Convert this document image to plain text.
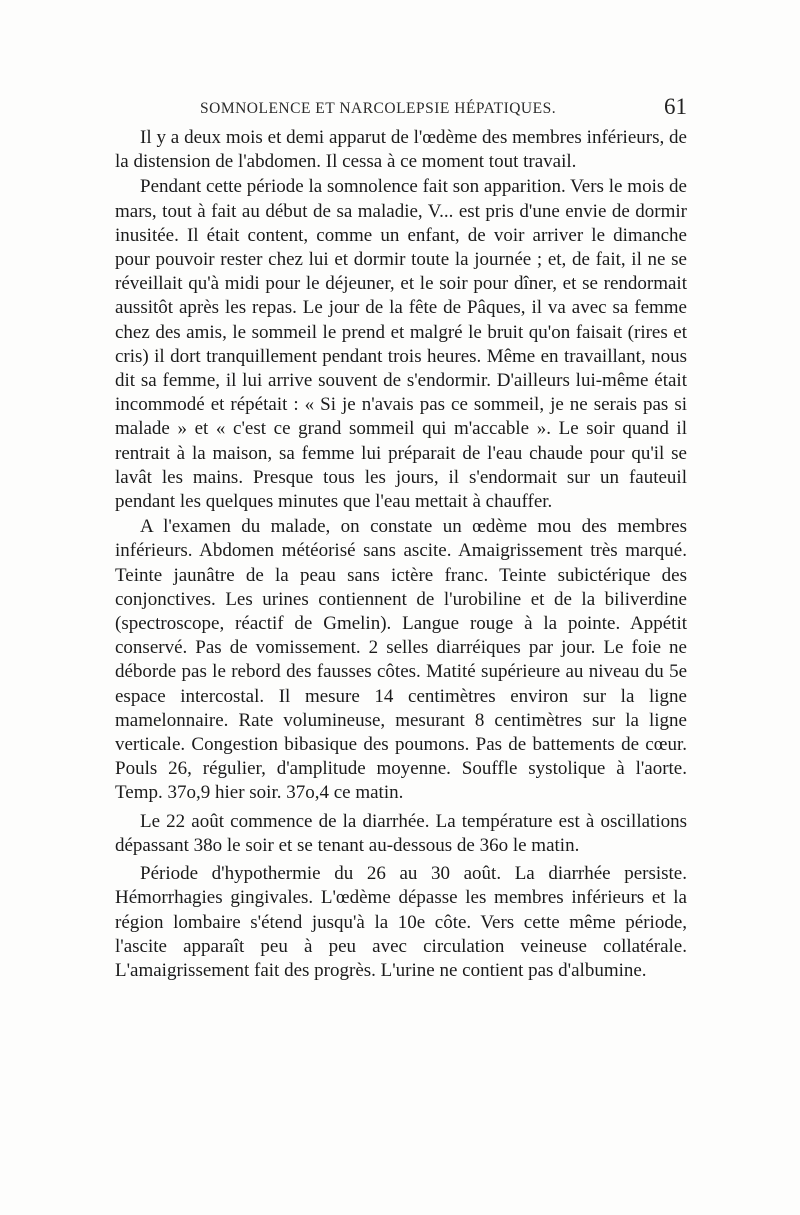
SOMNOLENCE ET NARCOLEPSIE HÉPATIQUES.	61

Il y a deux mois et demi apparut de l'œdème des membres inférieurs, de la distension de l'abdomen. Il cessa à ce moment tout travail.

Pendant cette période la somnolence fait son apparition. Vers le mois de mars, tout à fait au début de sa maladie, V... est pris d'une envie de dormir inusitée. Il était content, comme un enfant, de voir arriver le dimanche pour pouvoir rester chez lui et dormir toute la journée ; et, de fait, il ne se réveillait qu'à midi pour le déjeuner, et le soir pour dîner, et se rendormait aussitôt après les repas. Le jour de la fête de Pâques, il va avec sa femme chez des amis, le sommeil le prend et malgré le bruit qu'on faisait (rires et cris) il dort tranquillement pendant trois heures. Même en travaillant, nous dit sa femme, il lui arrive souvent de s'endormir. D'ailleurs lui-même était incommodé et répétait : « Si je n'avais pas ce sommeil, je ne serais pas si malade » et « c'est ce grand sommeil qui m'accable ». Le soir quand il rentrait à la maison, sa femme lui préparait de l'eau chaude pour qu'il se lavât les mains. Presque tous les jours, il s'endormait sur un fauteuil pendant les quelques minutes que l'eau mettait à chauffer.

A l'examen du malade, on constate un œdème mou des membres inférieurs. Abdomen météorisé sans ascite. Amaigrissement très marqué. Teinte jaunâtre de la peau sans ictère franc. Teinte subictérique des conjonctives. Les urines contiennent de l'urobiline et de la biliverdine (spectroscope, réactif de Gmelin). Langue rouge à la pointe. Appétit conservé. Pas de vomissement. 2 selles diarréiques par jour. Le foie ne déborde pas le rebord des fausses côtes. Matité supérieure au niveau du 5e espace intercostal. Il mesure 14 centimètres environ sur la ligne mamelonnaire. Rate volumineuse, mesurant 8 centimètres sur la ligne verticale. Congestion bibasique des poumons. Pas de battements de cœur. Pouls 26, régulier, d'amplitude moyenne. Souffle systolique à l'aorte. Temp. 37o,9 hier soir. 37o,4 ce matin.

Le 22 août commence de la diarrhée. La température est à oscillations dépassant 38o le soir et se tenant au-dessous de 36o le matin.

Période d'hypothermie du 26 au 30 août. La diarrhée persiste. Hémorrhagies gingivales. L'œdème dépasse les membres inférieurs et la région lombaire s'étend jusqu'à la 10e côte. Vers cette même période, l'ascite apparaît peu à peu avec circulation veineuse collatérale. L'amaigrissement fait des progrès. L'urine ne contient pas d'albumine.
